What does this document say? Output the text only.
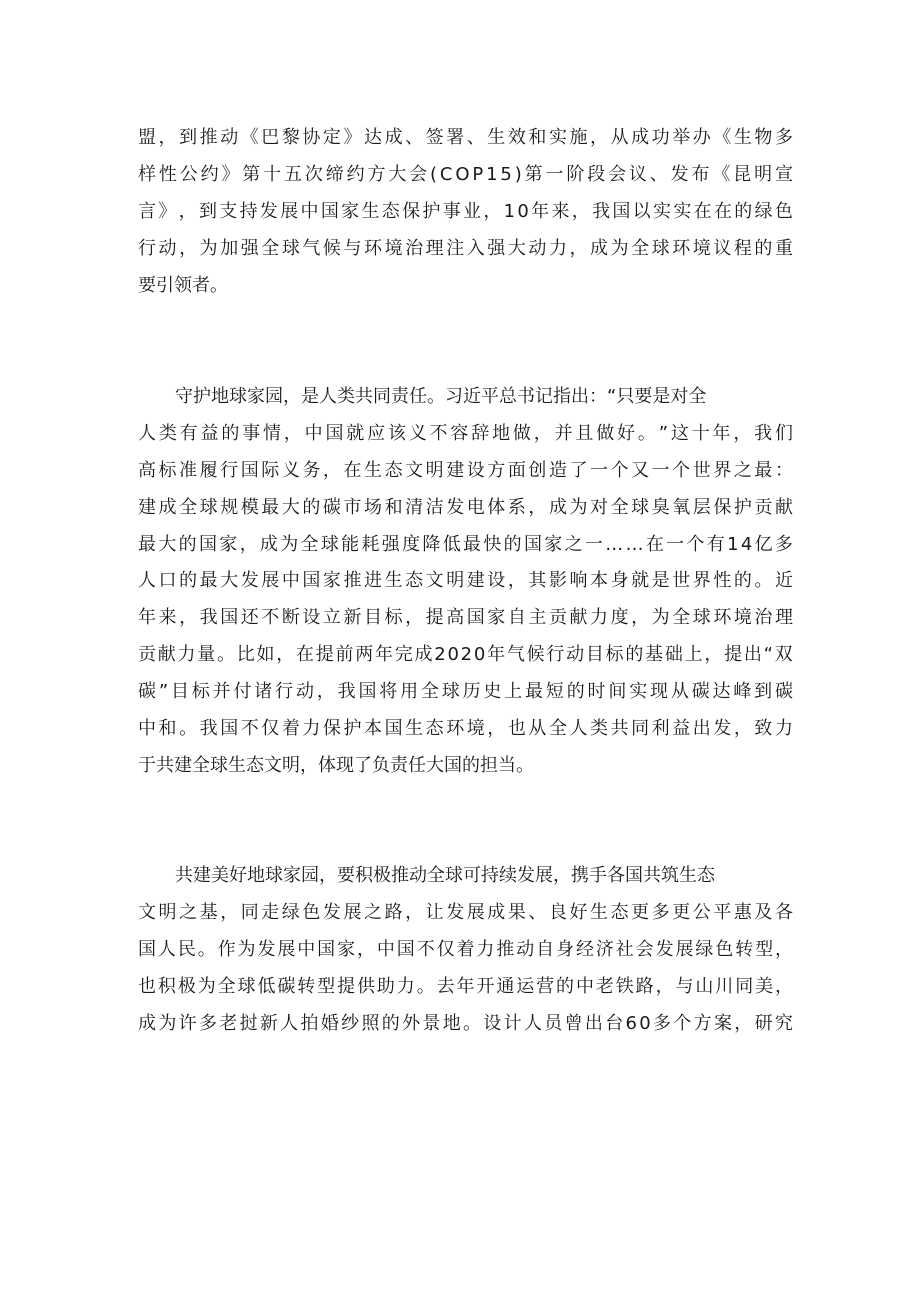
盟 ， 到 推 动 《 巴 黎 协 定 》 达 成 、 签 署 、 生 效 和 实 施 ， 从 成 功 举 办 《 生 物 多
样 性 公 约 》 第 十 五 次 缔 约 方 大 会 ( C O P 1 5 ) 第 一 阶 段 会 议 、 发 布 《 昆 明 宣
言 》 ， 到 支 持 发 展 中 国 家 生 态 保 护 事 业 ， 1 0 年 来 ， 我 国 以 实 实 在 在 的 绿 色
行 动 ， 为 加 强 全 球 气 候 与 环 境 治 理 注 入 强 大 动 力 ， 成 为 全 球 环 境 议 程 的 重
要引领者。
守护地球家园，是人类共同责任。习近平总书记指出：“只要是对全
人 类 有 益 的 事 情 ， 中 国 就 应 该 义 不 容 辞 地 做 ， 并 且 做 好 。 ” 这 十 年 ， 我 们
高 标 准 履 行 国 际 义 务 ， 在 生 态 文 明 建 设 方 面 创 造 了 一 个 又 一 个 世 界 之 最 ：
建 成 全 球 规 模 最 大 的 碳 市 场 和 清 洁 发 电 体 系 ， 成 为 对 全 球 臭 氧 层 保 护 贡 献
最 大 的 国 家 ， 成 为 全 球 能 耗 强 度 降 低 最 快 的 国 家 之 一 … … 在 一 个 有 1 4 亿 多
人 口 的 最 大 发 展 中 国 家 推 进 生 态 文 明 建 设 ， 其 影 响 本 身 就 是 世 界 性 的 。 近
年 来 ， 我 国 还 不 断 设 立 新 目 标 ， 提 高 国 家 自 主 贡 献 力 度 ， 为 全 球 环 境 治 理
贡 献 力 量 。 比 如 ， 在 提 前 两 年 完 成 2 0 2 0 年 气 候 行 动 目 标 的 基 础 上 ， 提 出 “ 双
碳 ” 目 标 并 付 诸 行 动 ， 我 国 将 用 全 球 历 史 上 最 短 的 时 间 实 现 从 碳 达 峰 到 碳
中 和 。 我 国 不 仅 着 力 保 护 本 国 生 态 环 境 ， 也 从 全 人 类 共 同 利 益 出 发 ， 致 力
于共建全球生态文明，体现了负责任大国的担当。
共建美好地球家园，要积极推动全球可持续发展，携手各国共筑生态
文 明 之 基 ， 同 走 绿 色 发 展 之 路 ， 让 发 展 成 果 、 良 好 生 态 更 多 更 公 平 惠 及 各
国 人 民 。 作 为 发 展 中 国 家 ， 中 国 不 仅 着 力 推 动 自 身 经 济 社 会 发 展 绿 色 转 型 ，
也 积 极 为 全 球 低 碳 转 型 提 供 助 力 。 去 年 开 通 运 营 的 中 老 铁 路 ， 与 山 川 同 美 ，
成 为 许 多 老 挝 新 人 拍 婚 纱 照 的 外 景 地 。 设 计 人 员 曾 出 台 6 0 多 个 方 案 ， 研 究
